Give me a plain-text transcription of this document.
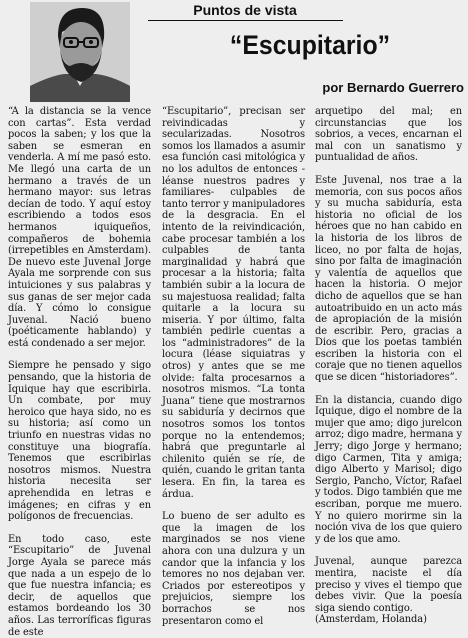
Puntos de vista
“Escupitario”
por Bernardo Guerrero

“A la distancia se la vence con cartas”. Esta verdad pocos la saben; y los que la saben se esmeran en venderla. A mí me pasó esto. Me llegó una carta de un hermano a través de un hermano mayor: sus letras decían de todo. Y aquí estoy escribiendo a todos esos hermanos iquiqueños, compañeros de bohemia (irrepetibles en Amsterdam). De nuevo este Juvenal Jorge Ayala me sorprende con sus intuiciones y sus palabras y sus ganas de ser mejor cada día. Y cómo lo consigue Juvenal. Nació bueno (poéticamente hablando) y está condenado a ser mejor.

Siempre he pensado y sigo pensando, que la historia de Iquique hay que escribirla. Un combate, por muy heroico que haya sido, no es su historia; así como un triunfo en nuestras vidas no constituye una biografía. Tenemos que escribirlas nosotros mismos. Nuestra historia necesita ser aprehendida en letras e imágenes; en cifras y en polígonos de frecuencias.

En todo caso, este “Escupitario” de Juvenal Jorge Ayala se parece más que nada a un espejo de lo que fue nuestra infancia; es decir, de aquellos que estamos bordeando los 30 años. Las terroríficas figuras de este

“Escupitario”, precisan ser reivindicadas y secularizadas. Nosotros somos los llamados a asumir esa función casi mitológica y no los adultos de entonces -léanse nuestros padres y familiares- culpables de tanto terror y manipuladores de la desgracia. En el intento de la reivindicación, cabe procesar también a los culpables de tanta marginalidad y habrá que procesar a la historia; falta también subir a la locura de su majestuosa realidad; falta quitarle a la locura su miseria. Y por último, falta también pedirle cuentas a los “administradores” de la locura (léase siquiatras y otros) y antes que se me olvide: falta procesarnos a nosotros mismos. “La tonta Juana” tiene que mostrarnos su sabiduría y decirnos que nosotros somos los tontos porque no la entendemos; habrá que preguntarle al chilenito quién se ríe, de quién, cuando le gritan tanta lesera. En fin, la tarea es árdua.

Lo bueno de ser adulto es que la imagen de los marginados se nos viene ahora con una dulzura y un candor que la infancia y los temores no nos dejaban ver. Criados por estereotipos y prejuicios, siempre los borrachos se nos presentaron como el

arquetipo del mal; en circunstancias que los sobrios, a veces, encarnan el mal con un sanatismo y puntualidad de años.

Este Juvenal, nos trae a la memoria, con sus pocos años y su mucha sabiduría, esta historia no oficial de los héroes que no han cabido en la historia de los libros de liceo, no por falta de hojas, sino por falta de imaginación y valentía de aquellos que hacen la historia. O mejor dicho de aquellos que se han autoatribuido en un acto más de apropiación de la misión de escribir. Pero, gracias a Dios que los poetas también escriben la historia con el coraje que no tienen aquellos que se dicen “historiadores”.

En la distancia, cuando digo Iquique, digo el nombre de la mujer que amo; digo jurelcon arroz; digo madre, hermana y Jerry; digo Jorge y hermano; digo Carmen, Tita y amiga; digo Alberto y Marisol; digo Sergio, Pancho, Víctor, Rafael y todos. Digo también que me escriban, porque me muero. Y no quiero morirme sin la noción viva de los que quiero y de los que amo.

Juvenal, aunque parezca mentira, naciste el día preciso y vives el tiempo que debes vivir. Que la poesía siga siendo contigo.
(Amsterdam, Holanda)
